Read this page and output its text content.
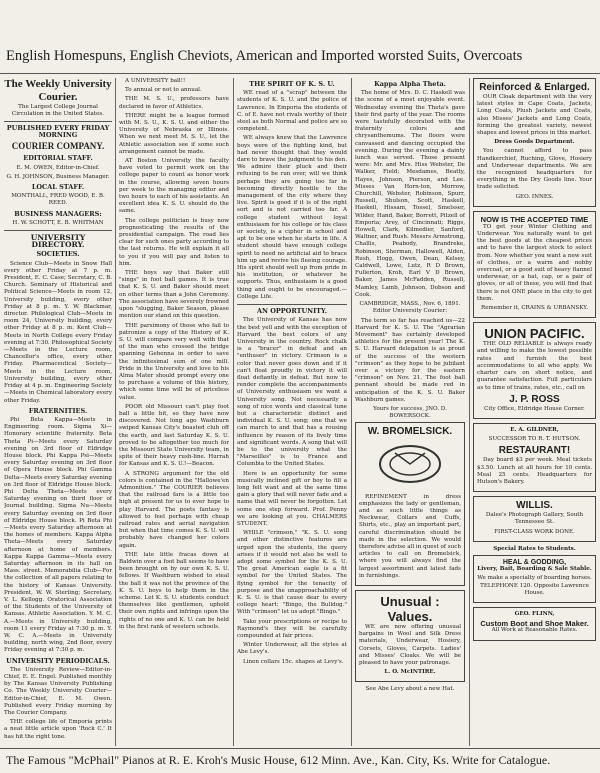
English Homespuns, English Cheviots, American and Imported worsted Suits, Overcoats
The Weekly University Courier.

The Largest College Journal Circulation in the United States.

PUBLISHED EVERY FRIDAY MORNING
COURIER COMPANY.
EDITORIAL STAFF.

E. M. OWEN, Editor-in-Chief.

G. H. JOHNSON, Business Manager.

LOCAL STAFF.

MONTHALL, FRED WOOD, E. B. REED.

BUSINESS MANAGERS:

H. W. SCHOTT, E. B. WHITMAN

UNIVERSITY DIRECTORY.
SOCIETIES.

Science Club—Meets in Snow Hall every other Friday at 7 p. m. President, E. C. Case; Secretary, C. B. Church. Seminary of Historical and Political Science—Meets in room 12, University building, every other Friday at 8 p. m. Y. W. Blackmar, director. Philological Club—Meets in room 24, University building, every other Friday at 8 p. m. Kent Club—Meets in North College every Friday evening at 7:30. Philosophical Society—Meets in the Lecture room, Chancellor's office, every other Friday. Pharmaceutical Society—Meets in the Lecture room, University building, every other Friday at 4 p. m. Engineering Society—Meets in Chemical laboratory every other Friday.

FRATERNITIES.

Phi Beta Kappa—Meets in Engineering room. Sigma Xi—Honorary scientific fraternity. Beta Theta Pi—Meets every Saturday evening on 3rd floor of Eldridge House block. Phi Kappa Psi—Meets every Saturday evening on 3rd floor of Opera House block. Phi Gamma Delta—Meets every Saturday evening on 3rd floor of Eldridge House block. Phi Delta Theta—Meets every Saturday evening on third floor of Journal building. Sigma Nu—Meets every Saturday evening on 3rd floor of Eldridge House block. Pi Beta Phi—Meets every Saturday afternoon at the homes of members. Kappa Alpha Theta—Meets every Saturday afternoon at home of members. Kappa Kappa Gamma—Meets every Saturday afternoon in its hall on Mass. street. Memorabilia Club—For the collection of all papers relating to the history of Kansas University. President, W. W. Sterling; Secretary, V. L. Kellogg. Oratorical Association of the Students of the University of Kansas. Athletic Association. Y. M. C. A.—Meets in University building, room 11 every Friday at 7:30 p. m. Y. W. C. A.—Meets in University building, north wing, 2nd floor, every Friday evening at 7:30 p. m.

UNIVERSITY PERIODICALS.

The University Review—Editor-in-Chief, E. E. Engel. Published monthly by The Kansas University Publishing Co. The Weekly University Courier—Editor-in-Chief, E. M. Owen. Published every Friday morning by The Courier Company.

THE college life of Emporia prints a neat little article upon 'Rock C.' It has hit the right tone.

A UNIVERSITY ball!!

To annual or not to annual.

THE M. S. U., professors have declared in favor of Athletics.

THERE might be a league formed with M. S. U., K. S. U. and either the University of Nebraska or Illinois. When we next meet M. S. U., let the Athletic association see if some such arrangement cannot be made.

AT Boston University the faculty have voted to permit work on the college paper to count as honor work in the course, allowing seven hours per week to the managing editor and two hours to each of his assistants. An excellent idea K. S. U. should do the same.

The college politician is busy now prognosticating the results of the presidential campaign. The road lies clear for such ones party according to the last returns. He will explain it all to you if you will pay and listen to him.

THE boys say that Baker still "sings" in foot ball games. It is true that K. S. U. and Baker should meet on other terms than a John Ceremony. The association have severely frowned upon "slugging, Baker Season, please mention our stand on this question.

THE parsimony of those who fail to patronize a copy of the History of K. S. U. will compare very well with that of the man who crossed the bridge spanning Gehenna in order to save the infinitesimal sum of one mill. Pride in the University and love to his Alma Mater should prompt every one to purchase a volume of this history, which some time will be of priceless value.

POOR old Missouri can't play foot ball a little bit, so they have now discovered. Not long ago Washburn swiped Kansas City's boasted club off the earth, and last Saturday K. S. U. proved to be altogether too much for the Missouri State University team, in spite of their heavy rush-line. Hurrah for Kansas and K. S. U.!—Beacon.

A STRONG argument for the old colors is contained in the "Hallowe'en Admonition." The COURIER believes that the railroad fare is a little too high at present for us to ever hope to play Harvard. The poets fantasy is allowed to feel perhaps with cheap railroad rates and aerial navigation but when that time comes K. S. U. will probably have changed her colors again.

THE late little fracas down at Baldwin over a foot ball seems to have been brought on by our own K. S. U. fellows. If Washburn wished to steal the ball it was not the province of the K. S. U. boys to help them in the scheme. Let K. S. U. students conduct themselves like gentlemen, uphold their own rights and infringe upon the rights of no one and K. U. can be held in the first rank of western schools.

THE SPIRIT OF K. S. U.

WE read of a "scrap" between the students of K. S. U. and the police of Lawrence. In Emporia the students of C. of E. have not rivals worthy of their steel as both Normal and police are so competent.

WE always knew that the Lawrence boys were of the fighting kind, but had never thought that they would dare to brave the judgment to his den. We admire their pluck and their refusing to be run over, will we think perhaps they are going too far in becoming directly hostile to the management of the city where they live. Spirit is good if it is of the right sort and is not carried too far. A college student without loyal enthusiasm for his college or his class or society, is a cipher in school and apt to be one when he starts in life. A student should have enough college spirit to need no artificial aid to brace him up and revive his fleeing courage. His spirit should well up from pride in his institution, or whatever he supports. Thus, enthusiasm is a good thing and ought to be encouraged.—College Life.

AN OPPORTUNITY.

The University of Kansas has now the best yell and with the exception of Harvard the best colors of any University in the country. Rock chalk is a "bracer" in defeat and an "enthuser" in victory. Crimson is a color that never goes down and if it can't float proudly in victory it will float defiantly in defeat. But now to render complete the accompaniments of University enthusiasm we want a University song. Not necessarily a song of nice words and classical tune but a characteristic distinct and individual K. S. U. song; one that we can march to and that has a rousing influence by reason of its lively time and significant words. A song that will be to the university what the "Marseilles" is to France and Columbia to the United States.

Here is an opportunity for some musically inclined gift or boy to fill a long felt want and at the same time gain a glory that will never fade and a name that will never be forgotten. Let some one step forward. Prof. Penny we are looking at you. CHALMERS STUDENT.

WHILE "crimson," "K. S. U. song and other distinctive features are urged upon the students, the query arises if it would not also be well to adopt some symbol for the K. S. U. The great American eagle is a fit symbol for the United States. The flying symbol for the tenacity of purpose and the unapproachability of K. S. U. is that cause dear to every college heart: "Bingo, the Bulldog." With "crimson" let us adopt "Bingo."

Take your prescriptions or recipe to Raymond's they will be carefully compounded at fair prices.

Winter Underwear, all the styles at Abe Levy's.

Linen collars 15c. shapes at Levy's.

Kappa Alpha Theta.

The home of Mrs. D. C. Haskell was the scene of a most enjoyable event. Wednesday evening the Theta's gave their first party of the year. The rooms were tastefully decorated with the fraternity colors and chrysanthemums. The floors were canvassed and dancing occupied the evening. During the evening a dainty lunch was served. Those present were: Mr. and Mrs. Hiss Webster, De Walker, Field; Mesdames, Beatty, Hayes, Johnson, Pierson, and Lee. Misses Van Horn-ton, Morrow, Churchill, Webster, Robinson, Spurr, Russell, Shulson, Scott, Haskell, Haskell, Hissam, Tossel, Smelsser, Wilder, Hand, Baker, Borrett, Pitzell of Emporia; Arey, of Cincinnati; Riggs, Howell, Clark, Kilmedier, Sanford, Waltner, and Rush. Messrs Armstrong, Challis, Peabody, Brandreke, Robinson, Sherman, Hallowell, Alden, Rush, Hogg, Owen, Dean, Kelsey, Caldwell, Lowe, Lutz, R D Brown, Fullerton, Kroh, Earl V D Brown, Baker, James McFadden, Russell, Mamley, Lamb, Johnson, Dobson and Cook.

CAMBRIDGE, MASS., Nov. 6, 1891. Editor University Courier:

The term so far has reached us—22 Harvard for K. S. U. The "Agrarian Movement" has certainly developed athletics for the present year! The K. S. U. Harvard delegation is as proud of the success of the western "crimson" as they hope to be jubilant over a victory for the eastern "crimson" on Nov. 21. The foot ball pennant should be made red in anticipation of the K. S. U. Baker Washburn games.

Yours for success, JNO. D. BOWERSOCK.

W. BROMELSICK.

REFINEMENT in dress emphasizes the lady or gentleman, and as such little things as Neckwear, Collars and Cuffs, Shirts, etc., play an important part, careful discrimination should be made in the selection. We would therefore advise all in quest of such articles to call on Bromelsick, where you will always find the largest assortment and latest fads in furnishings.

Unusual : Values.

WE are now offering unusual bargains in Wool and Silk Dress materials, Underwear, Hosiery, Corsets, Gloves, Carpets. Ladies' and Misses' Cloaks. We will be pleased to have your patronage.

L. O. McINTIRE.

See Abe Levy about a new Hat.

Reinforced & Enlarged.

OUR Cloak department with the very latest styles in Cape Coats, Jackets, Long Coats, Plush Jackets and Coats, also Misses' Jackets and Long Coats, forming the greatest variety, newest shapes and lowest prices in this market.

Dress Goods Department.

You cannot afford to pass Handkerchief, Ruching, Glove, Hosiery and Underwear departments. We are the recognized headquarters for everything in the Dry Goods line. Your trade solicited.

GEO. INNES.

NOW IS THE ACCEPTED TIME

TO get your Winter Clothing and Underwear. You naturally want to get the best goods at the cheapest prices and to have the largest stock to select from. Now whether you want a new suit of clothes, or a warm and nobby overcoat, or a good suit of heavy flannel underwear, or a hat, cap, or a pair of gloves, or all of these, you will find that there is not ONE place in the city to get them.

Remember it, CRAINS & URBANSKY.

UNION PACIFIC.

THE OLD RELIABLE is always ready and willing to make the lowest possible rates and furnish the best accommodations to all who apply. We charter cars on short notice, and guarantee satisfaction. Full particulars as to time of trains, rates, etc., call on

J. P. ROSS

City Office, Eldridge House Corner.

E. A. GILDNER,

SUCCESSOR TO R. T. HUTSON.

RESTAURANT!

Day board $3 per week. Meal tickets $3.50. Lunch at all hours for 10 cents. Meal 25 cents. Headquarters for Hutson's Bakery.

WILLIS.

Dalee's Photograph Gallery, South Tennessee St.

FIRST-CLASS WORK DONE.

Special Rates to Students.

HEAL & GODDING,

Livery, Bait, Boarding & Sale Stable.

We make a specialty of boarding horses. TELEPHONE 120. Opposite Lawrence House.

GEO. FLINN,

Custom Boot and Shoe Maker.

All Work at Reasonable Rates.

The Famous "McPhail" Pianos at R. E. Kroh's Music House, 612 Minn. Ave., Kan. City, Ks. Write for Catalogue.
